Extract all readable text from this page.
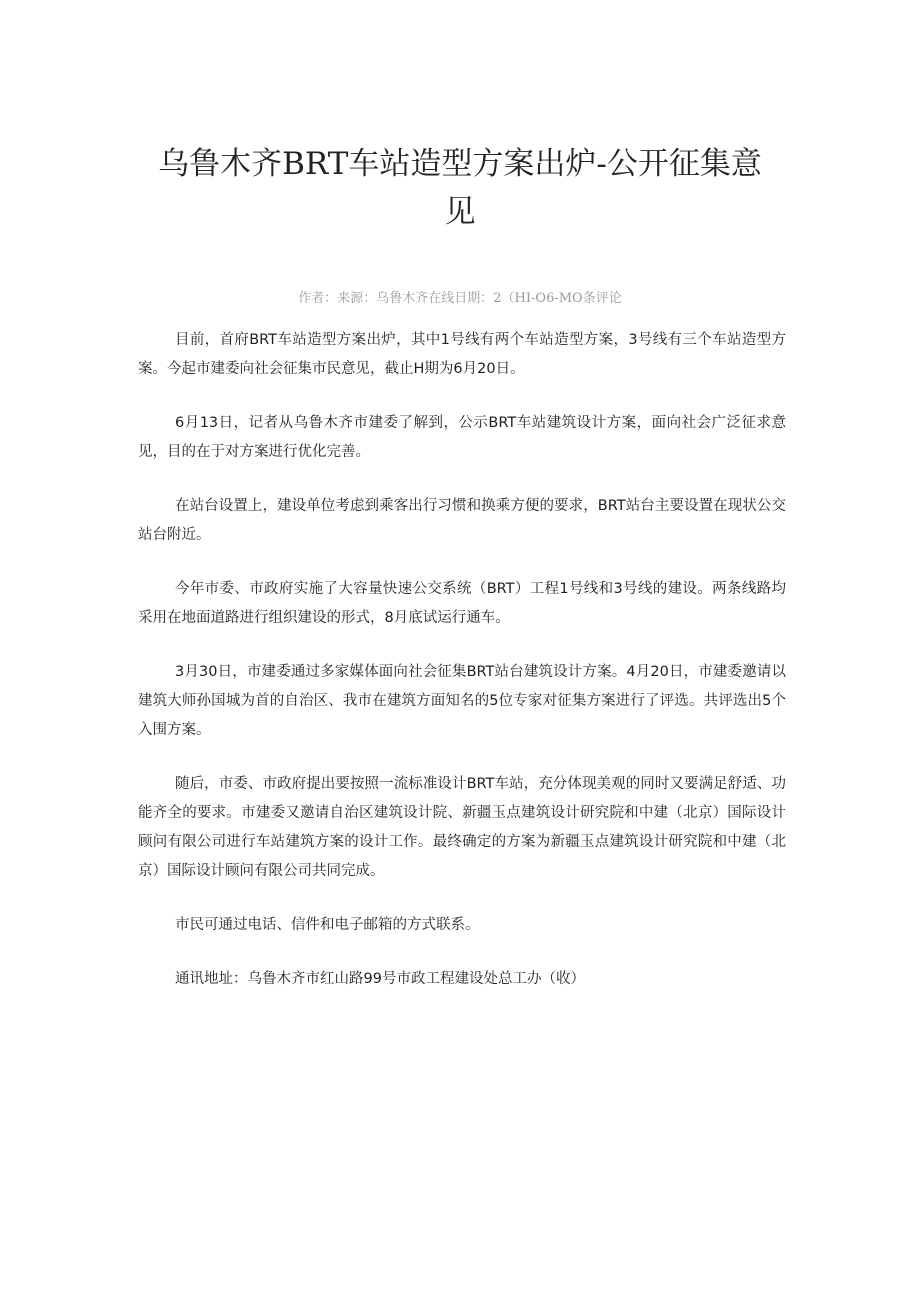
乌鲁木齐BRT车站造型方案出炉-公开征集意见

作者：来源：乌鲁木齐在线日期：2（HI-O6-MO条评论

目前，首府BRT车站造型方案出炉，其中1号线有两个车站造型方案，3号线有三个车站造型方案。今起市建委向社会征集市民意见，截止H期为6月20日。

6月13日，记者从乌鲁木齐市建委了解到，公示BRT车站建筑设计方案，面向社会广泛征求意见，目的在于对方案进行优化完善。

在站台设置上，建设单位考虑到乘客出行习惯和换乘方便的要求，BRT站台主要设置在现状公交站台附近。

今年市委、市政府实施了大容量快速公交系统（BRT）工程1号线和3号线的建设。两条线路均采用在地面道路进行组织建设的形式，8月底试运行通车。

3月30日，市建委通过多家媒体面向社会征集BRT站台建筑设计方案。4月20日，市建委邀请以建筑大师孙国城为首的自治区、我市在建筑方面知名的5位专家对征集方案进行了评选。共评选出5个入围方案。

随后，市委、市政府提出要按照一流标准设计BRT车站，充分体现美观的同时又要满足舒适、功能齐全的要求。市建委又邀请自治区建筑设计院、新疆玉点建筑设计研究院和中建（北京）国际设计顾问有限公司进行车站建筑方案的设计工作。最终确定的方案为新疆玉点建筑设计研究院和中建（北京）国际设计顾问有限公司共同完成。

市民可通过电话、信件和电子邮箱的方式联系。

通讯地址：乌鲁木齐市红山路99号市政工程建设处总工办（收）
